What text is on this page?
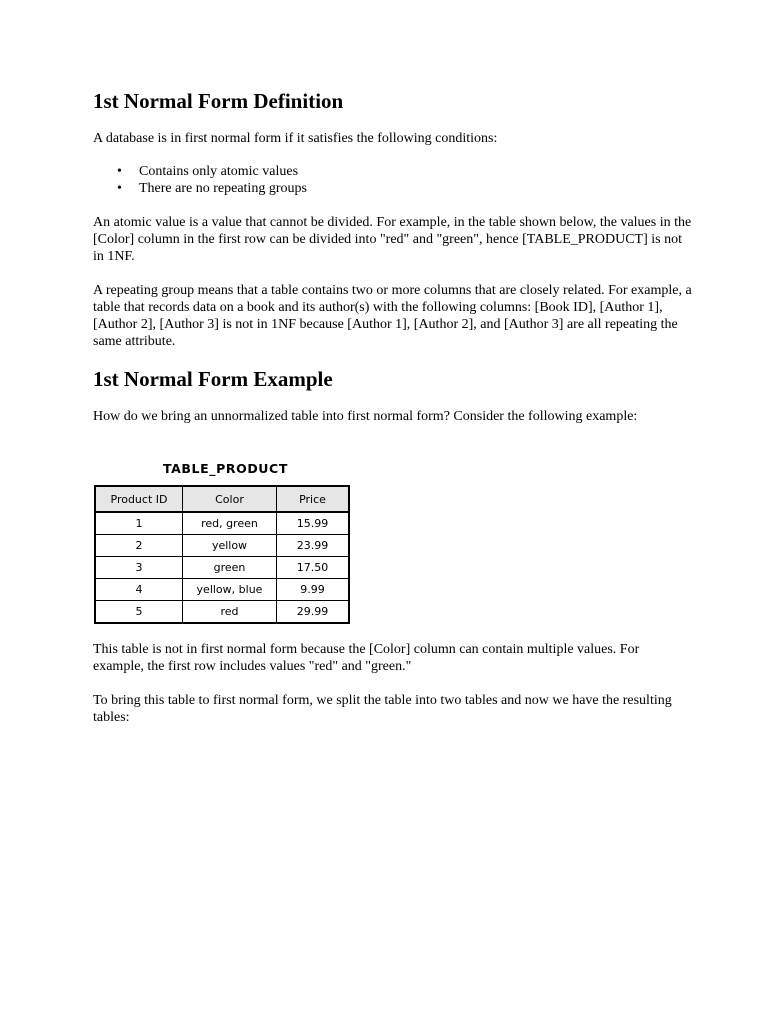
1st Normal Form Definition

A database is in first normal form if it satisfies the following conditions:

• Contains only atomic values
• There are no repeating groups

An atomic value is a value that cannot be divided. For example, in the table shown below, the values in the [Color] column in the first row can be divided into "red" and "green", hence [TABLE_PRODUCT] is not in 1NF.

A repeating group means that a table contains two or more columns that are closely related. For example, a table that records data on a book and its author(s) with the following columns: [Book ID], [Author 1], [Author 2], [Author 3] is not in 1NF because [Author 1], [Author 2], and [Author 3] are all repeating the same attribute.

1st Normal Form Example

How do we bring an unnormalized table into first normal form? Consider the following example:

TABLE_PRODUCT
Product ID	Color	Price
1	red, green	15.99
2	yellow	23.99
3	green	17.50
4	yellow, blue	9.99
5	red	29.99

This table is not in first normal form because the [Color] column can contain multiple values. For example, the first row includes values "red" and "green."

To bring this table to first normal form, we split the table into two tables and now we have the resulting tables:
